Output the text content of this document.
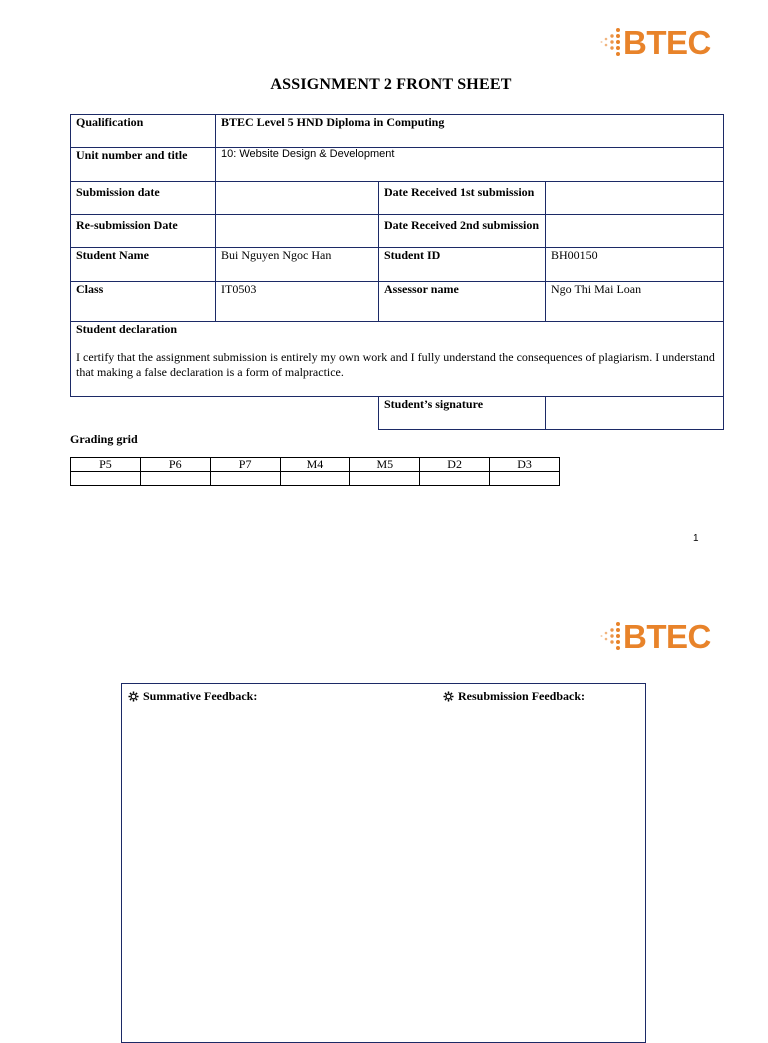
BTEC
ASSIGNMENT 2 FRONT SHEET
Qualification	BTEC Level 5 HND Diploma in Computing		
Unit number and title	10: Website Design & Development		
Submission date		Date Received 1st submission	
Re-submission Date		Date Received 2nd submission	
Student Name	Bui Nguyen Ngoc Han	Student ID	BH00150
Class	IT0503	Assessor name	Ngo Thi Mai Loan

Student declaration
I certify that the assignment submission is entirely my own work and I fully understand the consequences of plagiarism. I understand that making a false declaration is a form of malpractice.			

		Student’s signature	
Grading grid
P5	P6	P7	M4	M5	D2	D3

1
BTEC
Summative Feedback:	Resubmission Feedback:
